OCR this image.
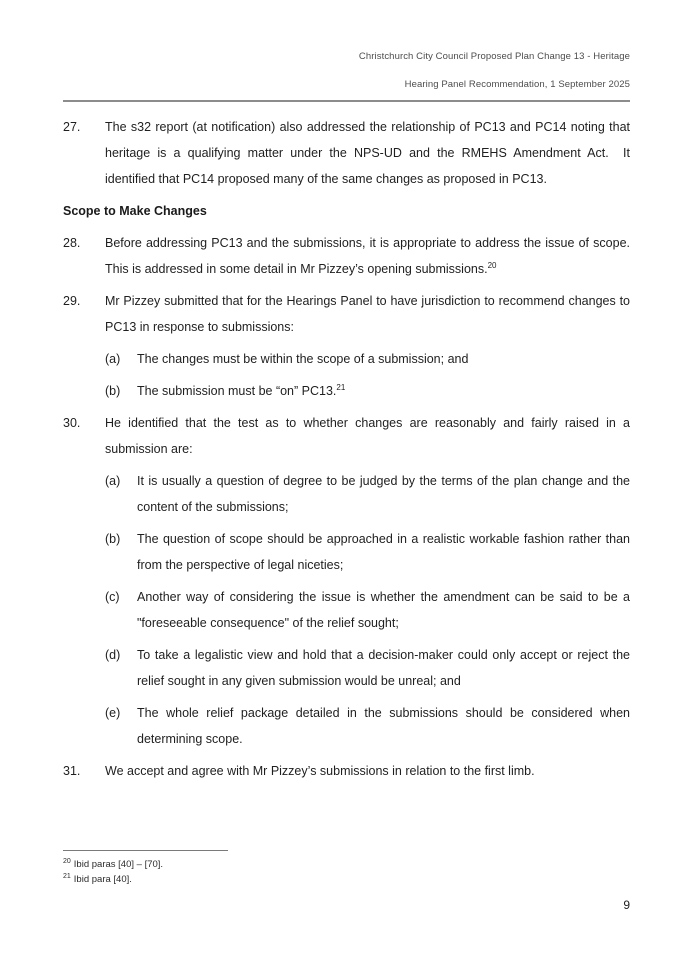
Christchurch City Council Proposed Plan Change 13 - Heritage
Hearing Panel Recommendation, 1 September 2025
27.	The s32 report (at notification) also addressed the relationship of PC13 and PC14 noting that heritage is a qualifying matter under the NPS-UD and the RMEHS Amendment Act.  It identified that PC14 proposed many of the same changes as proposed in PC13.
Scope to Make Changes
28.	Before addressing PC13 and the submissions, it is appropriate to address the issue of scope. This is addressed in some detail in Mr Pizzey’s opening submissions.$^{20}$
29.	Mr Pizzey submitted that for the Hearings Panel to have jurisdiction to recommend changes to PC13 in response to submissions:
(a)	The changes must be within the scope of a submission; and
(b)	The submission must be “on” PC13.21
30.	He identified that the test as to whether changes are reasonably and fairly raised in a submission are:
(a)	It is usually a question of degree to be judged by the terms of the plan change and the content of the submissions;
(b)	The question of scope should be approached in a realistic workable fashion rather than from the perspective of legal niceties;
(c)	Another way of considering the issue is whether the amendment can be said to be a "foreseeable consequence" of the relief sought;
(d)	To take a legalistic view and hold that a decision-maker could only accept or reject the relief sought in any given submission would be unreal; and
(e)	The whole relief package detailed in the submissions should be considered when determining scope.
31.	We accept and agree with Mr Pizzey’s submissions in relation to the first limb.
$^{20}$ Ibid paras [40] – [70].
$^{21}$ Ibid para [40].
9
